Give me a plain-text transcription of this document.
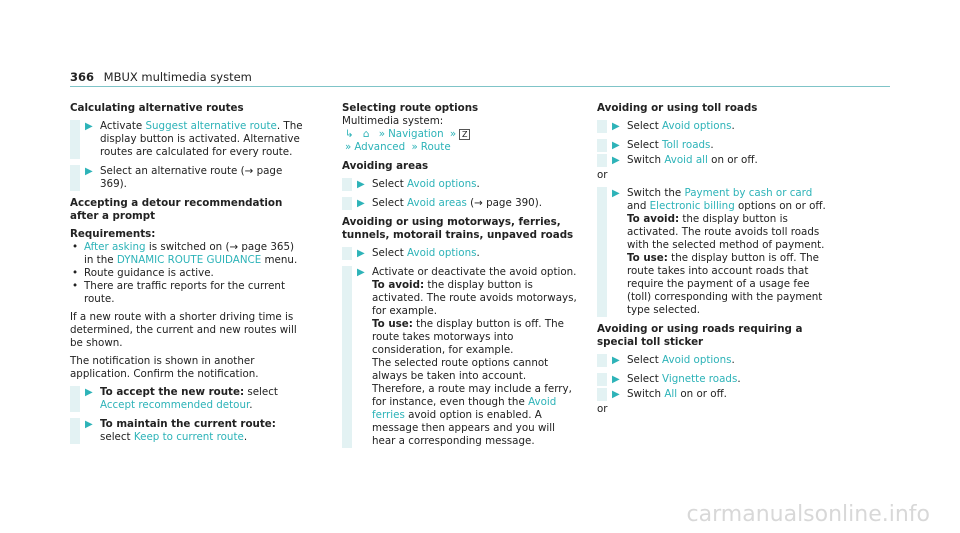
366 MBUX multimedia system
Calculating alternative routes
▶ Activate Suggest alternative route. The display button is activated. Alternative routes are calculated for every route.
▶ Select an alternative route (→ page 369).
Accepting a detour recommendation after a prompt
Requirements:
• After asking is switched on (→ page 365) in the DYNAMIC ROUTE GUIDANCE menu.
• Route guidance is active.
• There are traffic reports for the current route.

If a new route with a shorter driving time is determined, the current and new routes will be shown.

The notification is shown in another application. Confirm the notification.

▶ To accept the new route: select Accept recommended detour.
▶ To maintain the current route: select Keep to current route.
Selecting route options
Multimedia system:
↳ ⌂ » Navigation » Z
» Advanced » Route
Avoiding areas
▶ Select Avoid options.
▶ Select Avoid areas (→ page 390).
Avoiding or using motorways, ferries, tunnels, motorail trains, unpaved roads
▶ Select Avoid options.
▶ Activate or deactivate the avoid option.
To avoid: the display button is activated. The route avoids motorways, for example.
To use: the display button is off. The route takes motorways into consideration, for example.
The selected route options cannot always be taken into account. Therefore, a route may include a ferry, for instance, even though the Avoid ferries avoid option is enabled. A message then appears and you will hear a corresponding message.
Avoiding or using toll roads
▶ Select Avoid options.
▶ Select Toll roads.
▶ Switch Avoid all on or off.

or

▶ Switch the Payment by cash or card and Electronic billing options on or off.
To avoid: the display button is activated. The route avoids toll roads with the selected method of payment.
To use: the display button is off. The route takes into account roads that require the payment of a usage fee (toll) corresponding with the payment type selected.
Avoiding or using roads requiring a special toll sticker
▶ Select Avoid options.
▶ Select Vignette roads.
▶ Switch All on or off.

or

carmanualsonline.info
